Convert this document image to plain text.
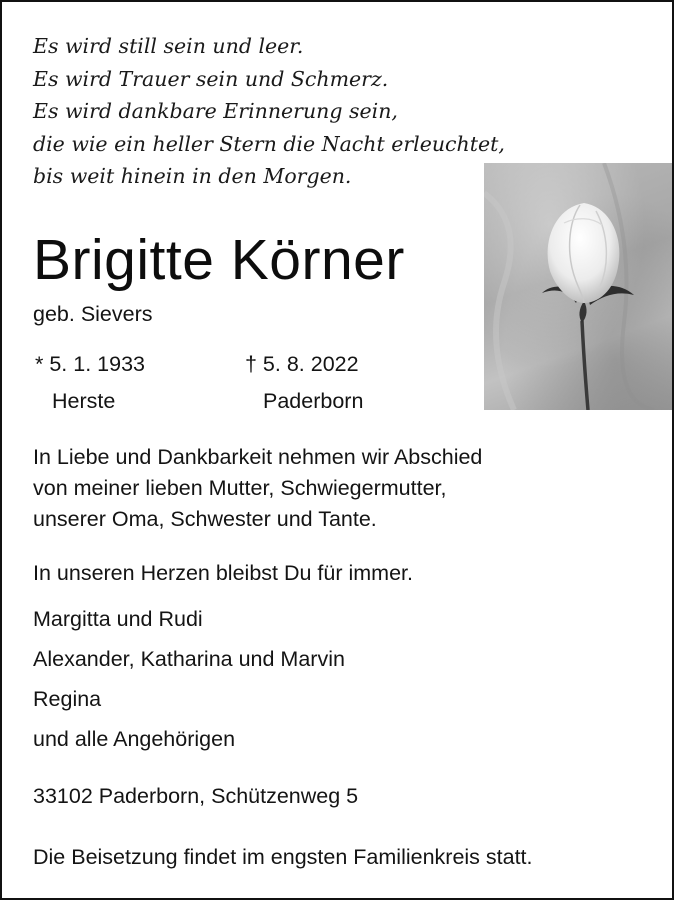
Es wird still sein und leer.
Es wird Trauer sein und Schmerz.
Es wird dankbare Erinnerung sein,
die wie ein heller Stern die Nacht erleuchtet,
bis weit hinein in den Morgen.
Brigitte Körner
geb. Sievers
* 5. 1. 1933
Herste
† 5. 8. 2022
Paderborn
In Liebe und Dankbarkeit nehmen wir Abschied
von meiner lieben Mutter, Schwiegermutter,
unserer Oma, Schwester und Tante.
In unseren Herzen bleibst Du für immer.
Margitta und Rudi
Alexander, Katharina und Marvin
Regina
und alle Angehörigen
33102 Paderborn, Schützenweg 5
Die Beisetzung findet im engsten Familienkreis statt.
